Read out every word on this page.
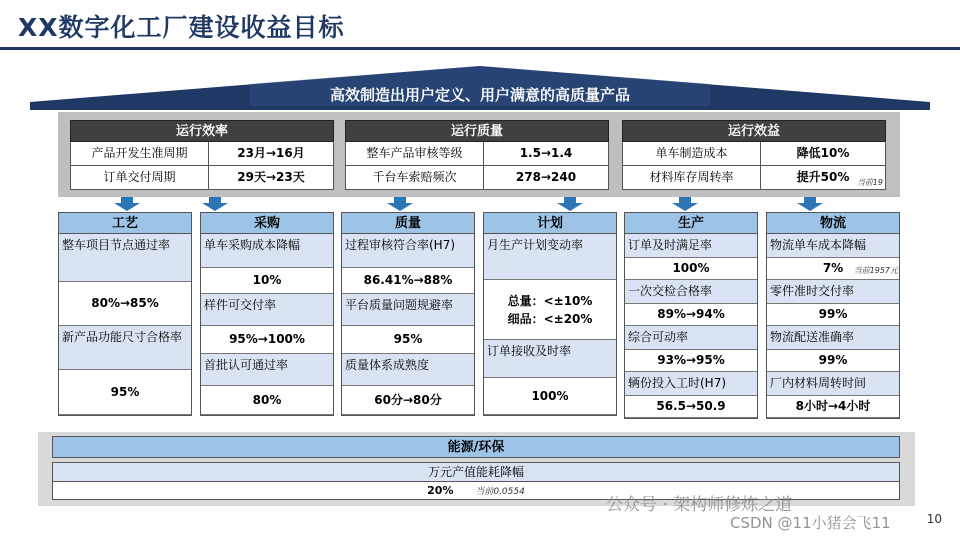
XX数字化工厂建设收益目标
高效制造出用户定义、用户满意的高质量产品
运行效率
产品开发生准周期	23月→16月
订单交付周期	29天→23天
运行质量
整车产品审核等级	1.5→1.4
千台车索赔频次	278→240
运行效益
单车制造成本	降低10%
材料库存周转率	提升50% 当前19
工艺
整车项目节点通过率
80%→85%
新产品功能尺寸合格率
95%
采购
单车采购成本降幅
10%
样件可交付率
95%→100%
首批认可通过率
80%
质量
过程审核符合率(H7)
86.41%→88%
平台质量问题规避率
95%
质量体系成熟度
60分→80分
计划
月生产计划变动率
总量：<±10%
细品：<±20%
订单接收及时率
100%
生产
订单及时满足率
100%
一次交检合格率
89%→94%
综合可动率
93%→95%
辆份投入工时(H7)
56.5→50.9
物流
物流单车成本降幅
7% 当前1957元
零件准时交付率
99%
物流配送准确率
99%
厂内材料周转时间
8小时→4小时
能源/环保
万元产值能耗降幅
20% 当前0.0554
公众号 · 架构师修炼之道
CSDN @11小猪会飞11	10
